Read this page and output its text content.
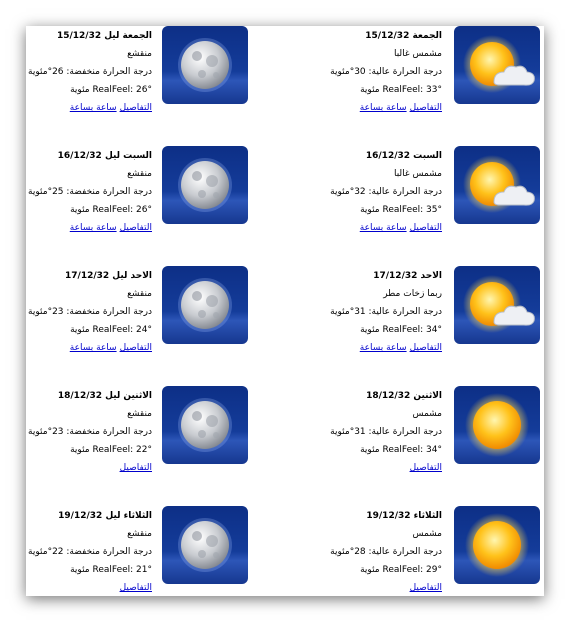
الجمعة 15/12/32
مشمس غالبا
درجة الحرارة عالية: 30°مئوية
RealFeel: 33° مئوية
التفاصيلساعة بساعة
الجمعة ليل 15/12/32
منقشع
درجة الحرارة منخفضة: 26°مئوية
RealFeel: 26° مئوية
التفاصيلساعة بساعة
السبت 16/12/32
مشمس غالبا
درجة الحرارة عالية: 32°مئوية
RealFeel: 35° مئوية
التفاصيلساعة بساعة
السبت ليل 16/12/32
منقشع
درجة الحرارة منخفضة: 25°مئوية
RealFeel: 26° مئوية
التفاصيلساعة بساعة
الاحد 17/12/32
ربما زخات مطر
درجة الحرارة عالية: 31°مئوية
RealFeel: 34° مئوية
التفاصيلساعة بساعة
الاحد ليل 17/12/32
منقشع
درجة الحرارة منخفضة: 23°مئوية
RealFeel: 24° مئوية
التفاصيلساعة بساعة
الاثنين 18/12/32
مشمس
درجة الحرارة عالية: 31°مئوية
RealFeel: 34° مئوية
التفاصيل
الاثنين ليل 18/12/32
منقشع
درجة الحرارة منخفضة: 23°مئوية
RealFeel: 22° مئوية
التفاصيل
الثلاثاء 19/12/32
مشمس
درجة الحرارة عالية: 28°مئوية
RealFeel: 29° مئوية
التفاصيل
الثلاثاء ليل 19/12/32
منقشع
درجة الحرارة منخفضة: 22°مئوية
RealFeel: 21° مئوية
التفاصيل
